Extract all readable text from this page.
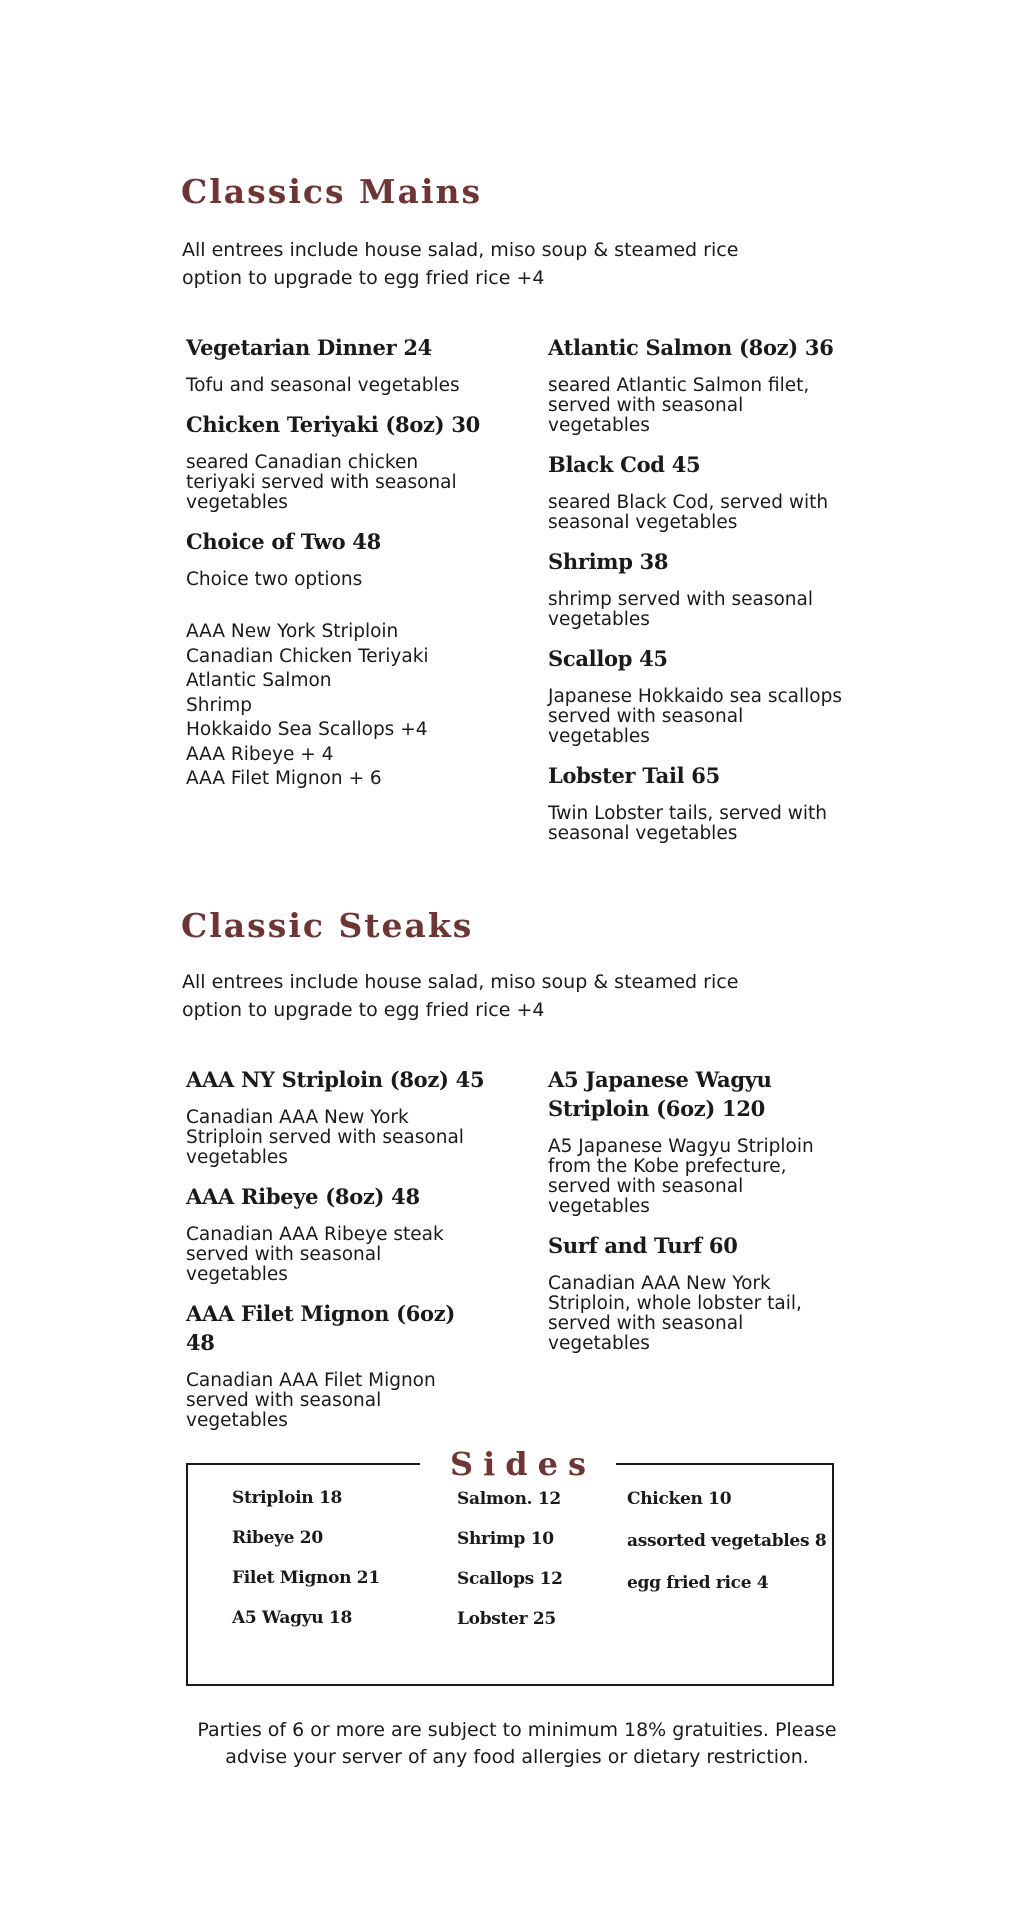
Classics Mains
All entrees include house salad, miso soup & steamed rice
option to upgrade to egg fried rice +4
Vegetarian Dinner 24
Tofu and seasonal vegetables
Chicken Teriyaki (8oz) 30
seared Canadian chicken teriyaki served with seasonal vegetables
Choice of Two 48
Choice two options
AAA New York Striploin
Canadian Chicken Teriyaki
Atlantic Salmon
Shrimp
Hokkaido Sea Scallops +4
AAA Ribeye + 4
AAA Filet Mignon + 6
Atlantic Salmon (8oz) 36
seared Atlantic Salmon filet, served with seasonal vegetables
Black Cod 45
seared Black Cod, served with seasonal vegetables
Shrimp 38
shrimp served with seasonal vegetables
Scallop 45
Japanese Hokkaido sea scallops served with seasonal vegetables
Lobster Tail 65
Twin Lobster tails, served with seasonal vegetables
Classic Steaks
All entrees include house salad, miso soup & steamed rice
option to upgrade to egg fried rice +4
AAA NY Striploin (8oz) 45
Canadian AAA New York Striploin served with seasonal vegetables
AAA Ribeye (8oz) 48
Canadian AAA Ribeye steak served with seasonal vegetables
AAA Filet Mignon (6oz) 48
Canadian AAA Filet Mignon served with seasonal vegetables
A5 Japanese Wagyu Striploin (6oz) 120
A5 Japanese Wagyu Striploin from the Kobe prefecture, served with seasonal vegetables
Surf and Turf 60
Canadian AAA New York Striploin, whole lobster tail, served with seasonal vegetables
Sides
Striploin 18
Ribeye 20
Filet Mignon 21
A5 Wagyu 18
Salmon. 12
Shrimp 10
Scallops 12
Lobster 25
Chicken 10
assorted vegetables 8
egg fried rice 4
Parties of 6 or more are subject to minimum 18% gratuities. Please
advise your server of any food allergies or dietary restriction.
